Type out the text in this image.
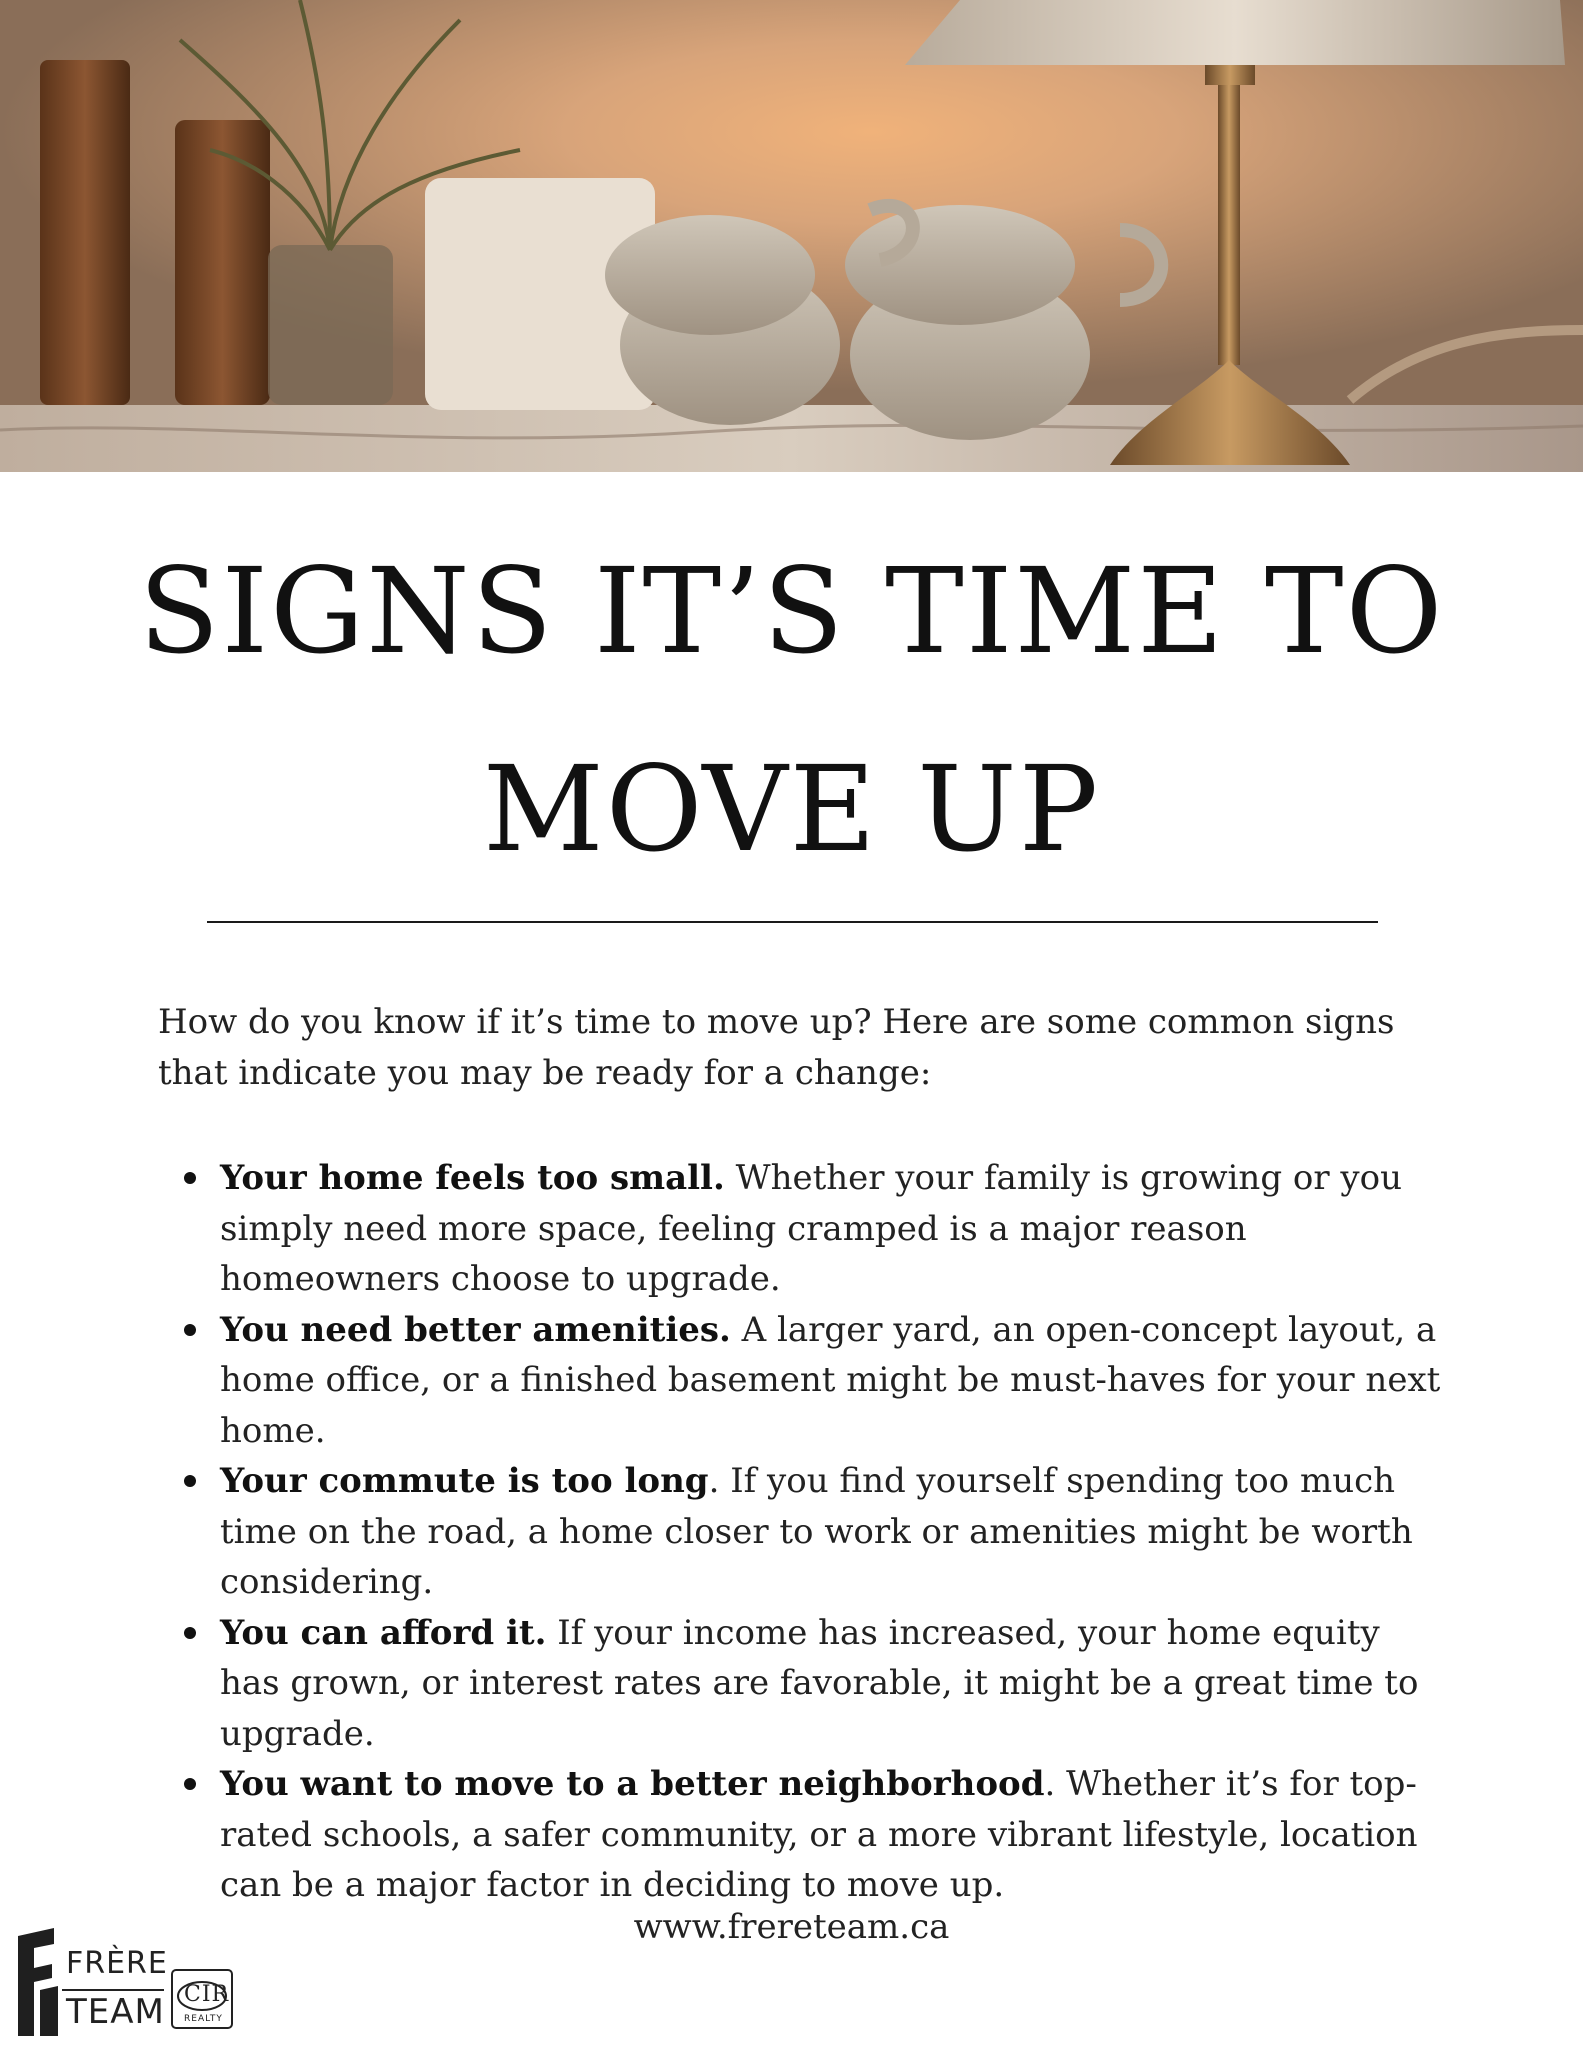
SIGNS IT’S TIME TO
MOVE UP

How do you know if it’s time to move up? Here are some common signs that indicate you may be ready for a change:

Your home feels too small. Whether your family is growing or you simply need more space, feeling cramped is a major reason homeowners choose to upgrade.
You need better amenities. A larger yard, an open-concept layout, a home office, or a finished basement might be must-haves for your next home.
Your commute is too long. If you find yourself spending too much time on the road, a home closer to work or amenities might be worth considering.
You can afford it. If your income has increased, your home equity has grown, or interest rates are favorable, it might be a great time to upgrade.
You want to move to a better neighborhood. Whether it’s for top-rated schools, a safer community, or a more vibrant lifestyle, location can be a major factor in deciding to move up.
www.frereteam.ca
FRÈRE
TEAM CIR
REALTY
